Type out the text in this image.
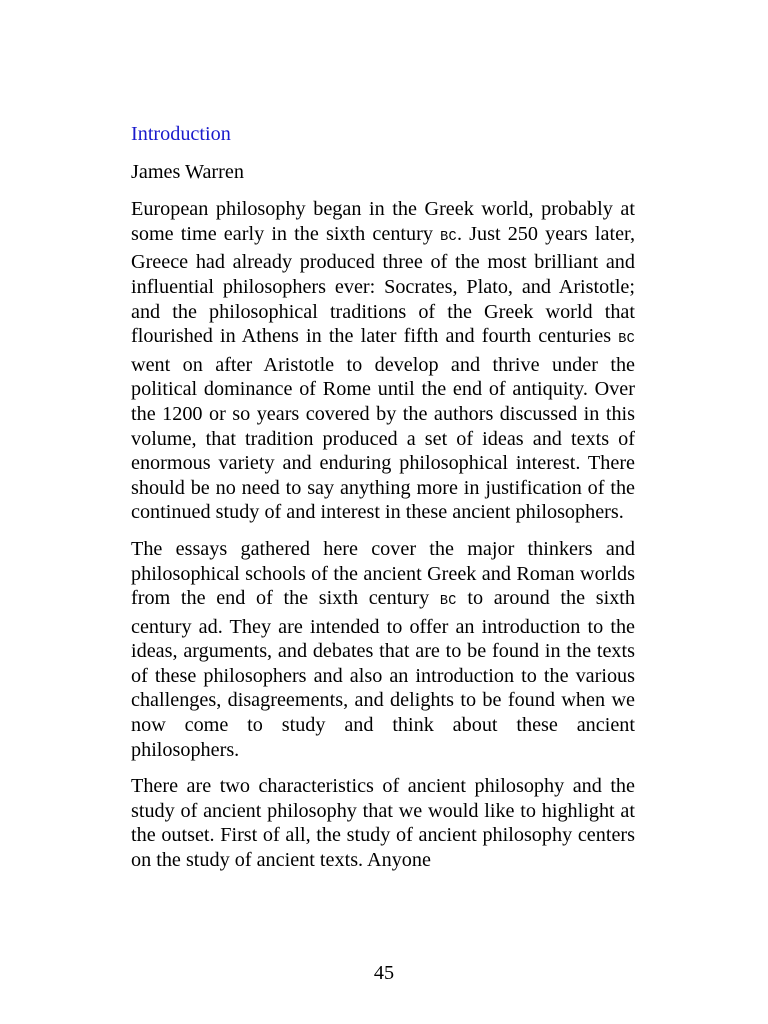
Introduction
James Warren

European philosophy began in the Greek world, probably at some time early in the sixth century BC. Just 250 years later, Greece had already produced three of the most brilliant and influential philosophers ever: Socrates, Plato, and Aristotle; and the philosophical traditions of the Greek world that flourished in Athens in the later fifth and fourth centuries BC went on after Aristotle to develop and thrive under the political dominance of Rome until the end of antiquity. Over the 1200 or so years covered by the authors discussed in this volume, that tradition produced a set of ideas and texts of enormous variety and enduring philosophical interest. There should be no need to say anything more in justification of the continued study of and interest in these ancient philosophers.

The essays gathered here cover the major thinkers and philosophical schools of the ancient Greek and Roman worlds from the end of the sixth century BC to around the sixth century ad. They are intended to offer an introduction to the ideas, arguments, and debates that are to be found in the texts of these philosophers and also an introduction to the various challenges, disagreements, and delights to be found when we now come to study and think about these ancient philosophers.

There are two characteristics of ancient philosophy and the study of ancient philosophy that we would like to highlight at the outset. First of all, the study of ancient philosophy centers on the study of ancient texts. Anyone

45
